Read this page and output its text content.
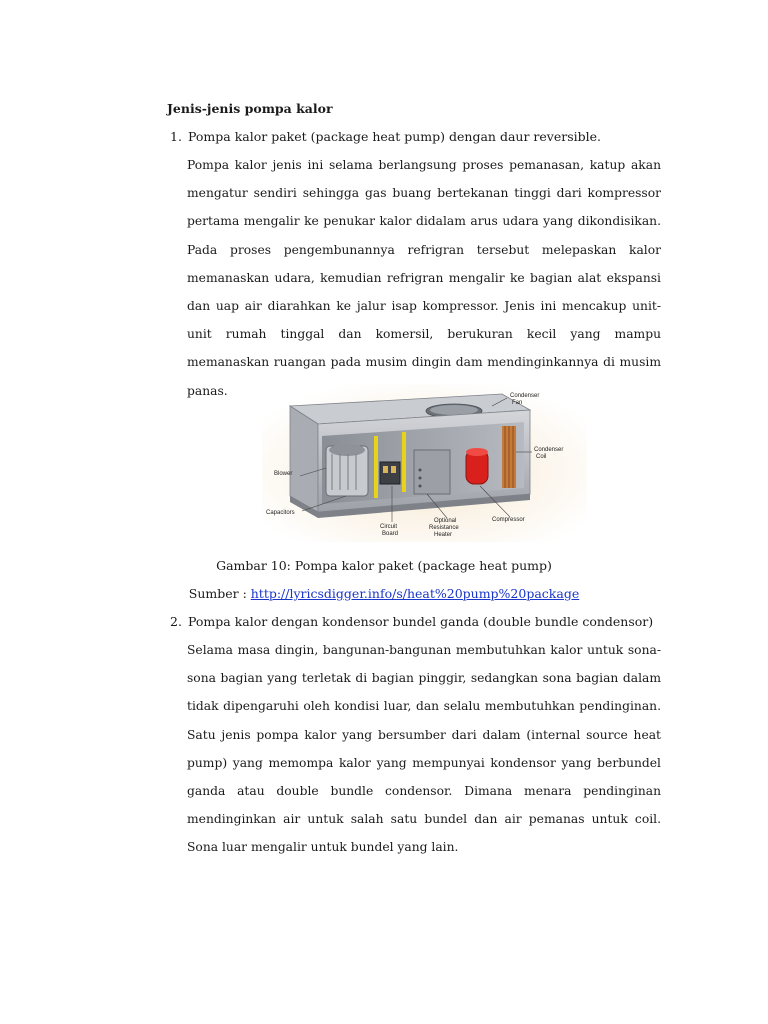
Jenis-jenis pompa kalor
1. Pompa kalor paket (package heat pump) dengan daur reversible.

Pompa kalor jenis ini selama berlangsung proses pemanasan, katup akan mengatur sendiri sehingga gas buang bertekanan tinggi dari kompressor pertama mengalir ke penukar kalor didalam arus udara yang dikondisikan. Pada proses pengembunannya refrigran tersebut melepaskan kalor memanaskan udara, kemudian refrigran mengalir ke bagian alat ekspansi dan uap air diarahkan ke jalur isap kompressor. Jenis ini mencakup unit-unit rumah tinggal dan komersil, berukuran kecil yang mampu memanaskan ruangan pada musim dingin dam mendinginkannya di musim panas.	Condenser
Fan
Blower
Condenser
Coil
Capacitors
Circuit
Board
Optional
Resistance
Heater
Compressor
Gambar 10: Pompa kalor paket (package heat pump)
Sumber : http://lyricsdigger.info/s/heat%20pump%20package
2. Pompa kalor dengan kondensor bundel ganda (double bundle condensor)

Selama masa dingin, bangunan-bangunan membutuhkan kalor untuk sona-sona bagian yang terletak di bagian pinggir, sedangkan sona bagian dalam tidak dipengaruhi oleh kondisi luar, dan selalu membutuhkan pendinginan. Satu jenis pompa kalor yang bersumber dari dalam (internal source heat pump) yang memompa kalor yang mempunyai kondensor yang berbundel ganda atau double bundle condensor. Dimana menara pendinginan mendinginkan air untuk salah satu bundel dan air pemanas untuk coil. Sona luar mengalir untuk bundel yang lain.
